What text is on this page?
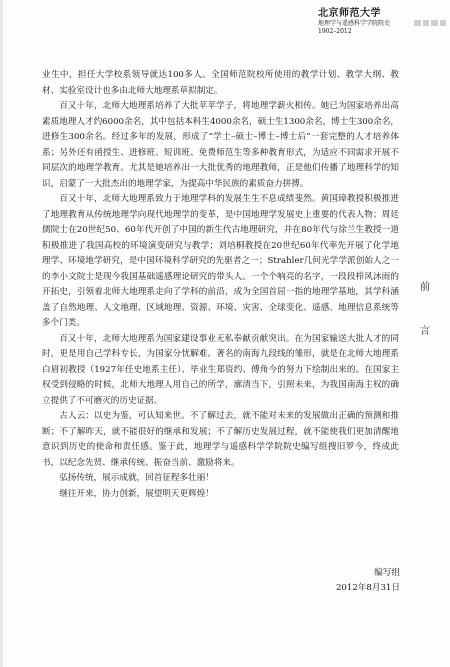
北京师范大学
地理学与遥感科学学院院史
1902–2012

业生中，担任大学校系领导就达100多人。全国师范院校所使用的教学计划、教学大纲、教材、实验室设计也多由北师大地理系草拟制定。

百又十年，北师大地理系培养了大批苹苹学子，将地理学薪火相传。她已为国家培养出高素质地理人才约6000余名，其中包括本科生4000余名，硕士生1300余名，博士生300余名，进修生300余名。经过多年的发展，形成了“学士–硕士–博士–博士后”一套完整的人才培养体系；另外还有函授生、进修班、短训班、免费师范生等多种教育形式，为适应不同需求开展不同层次的地理学教育。尤其是她培养出一大批优秀的地理教师，正是他们传播了地理科学的知识，启蒙了一大批杰出的地理学家，为提高中华民族的素质奋力拼搏。

百又十年，北师大地理系致力于地理学科的发展生生不息成绩斐然。黄国璋教授积极推进了地理教育从传统地理学向现代地理学的变革，是中国地理学发展史上重要的代表人物；周廷儒院士在20世纪50、60年代开创了中国的新生代古地理研究，并在80年代与徐兰生教授一道积极推进了我国高校的环境演变研究与教学；刘培桐教授在20世纪60年代率先开展了化学地理学、环境地学研究，是中国环境科学研究的先驱者之一；Strahler几何光学学派创始人之一的李小文院士是现今我国基础遥感理论研究的带头人。一个个响亮的名字，一段段栉风沐雨的开拓史，引领着北师大地理系走向了学科的前沿，成为全国首屈一指的地理学基地，其学科涵盖了自然地理、人文地理、区域地理、资源、环境、灾害、全球变化、遥感、地理信息系统等多个门类。

百又十年，北师大地理系为国家建设事业无私奉献贡献突出。在为国家输送大批人才的同时，更是用自己学科专长，为国家分忧解难。著名的南海九段线的雏形，就是在北师大地理系白眉初教授（1927年任史地系主任）、毕业生郑资约、傅角今的努力下绘制出来的。在国家主权受到侵略的时候，北师大地理人用自己的所学，廓清当下，引照未来，为我国南海主权的确立提供了不可磨灭的历史证据。

古人云：以史为鉴，可认知来世。不了解过去，就不能对未来的发展做出正确的预测和推断；不了解昨天，就不能很好的继承和发展；不了解历史发展过程，就不能使我们更加清醒地意识到历史的使命和责任感。鉴于此，地理学与遥感科学学院院史编写组搜旧罗今，终成此书，以纪念先贤、继承传统、振奋当前、激励将来。

弘扬传统，展示成就，回首征程多壮丽！

继往开来，协力创新，展望明天更辉煌！

前

言
编写组
2012年8月31日
